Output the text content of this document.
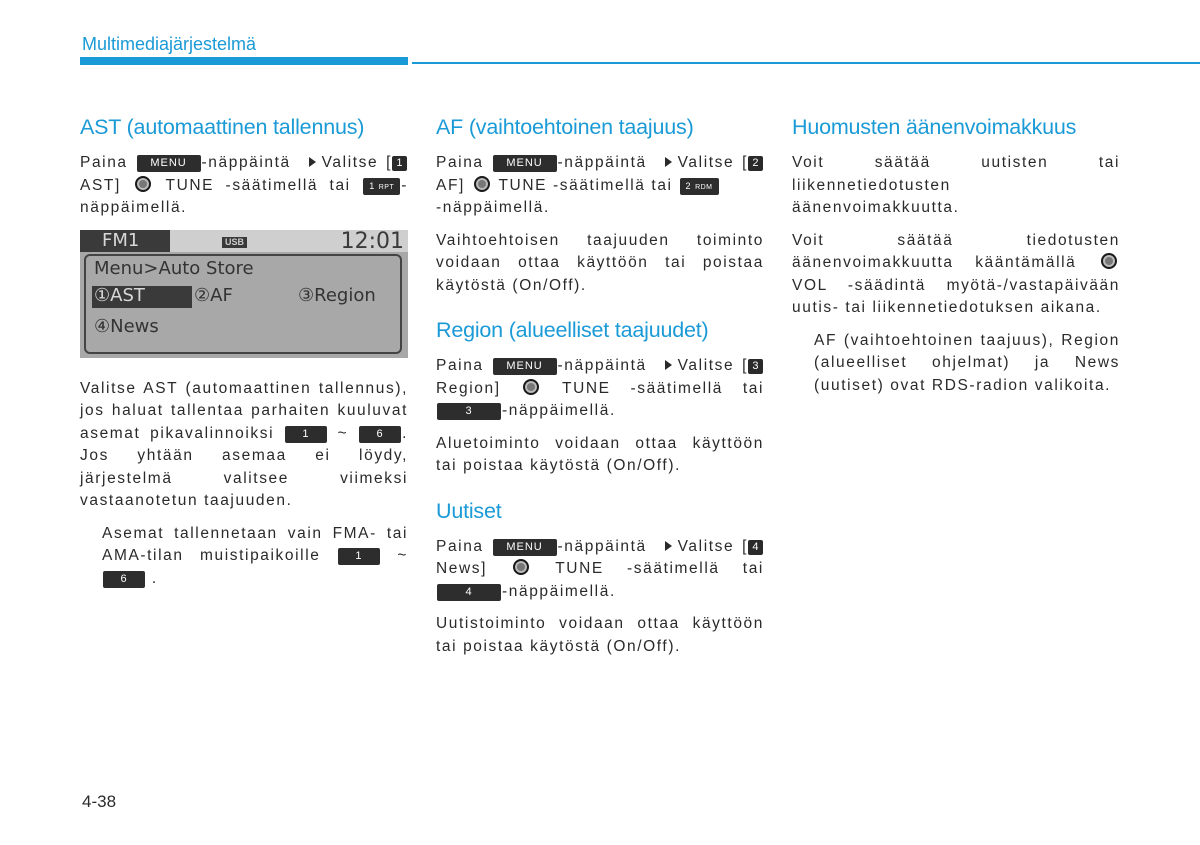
Multimediajärjestelmä
AST (automaattinen tallennus)

Paina MENU -näppäintä Valitse [ 1AST]	TUNE -säätimellä tai 1 RPT -näppäimellä.

FM1	USB	12:01
Menu>Auto Store
①AST	②AF	③Region
④News

Valitse AST (automaattinen tallennus), jos haluat tallentaa parhaiten kuuluvat asemat pikavalinnoiksi	1 ~	6 . Jos yhtään asemaa ei löydy, järjestelmä valitsee viimeksi vastaanotetun taajuuden.

Asemat tallennetaan vain FMA- tai AMA-tilan muistipaikoille	1 ~ 6 .

AF (vaihtoehtoinen taajuus)

Paina MENU -näppäintä Valitse [ 2AF] TUNE -säätimellä tai 2 RDM
-näppäimellä.

Vaihtoehtoisen taajuuden toiminto voidaan ottaa käyttöön tai poistaa käytöstä (On/Off).

Region (alueelliset taajuudet)

Paina MENU -näppäintä Valitse [ 3Region]	TUNE -säätimellä tai 3 -näppäimellä.

Aluetoiminto voidaan ottaa käyttöön tai poistaa käytöstä (On/Off).

Uutiset

Paina MENU -näppäintä Valitse [ 4News]	TUNE -säätimellä tai 4 -näppäimellä.

Uutistoiminto voidaan ottaa käyttöön tai poistaa käytöstä (On/Off).

Huomusten äänenvoimakkuus

Voit säätää uutisten tai liikennetiedotusten äänenvoimakkuutta.

Voit säätää tiedotusten äänenvoimakkuutta kääntämällä  VOL -säädintä myötä-/vastapäivään uutis- tai liikennetiedotuksen aikana.

AF (vaihtoehtoinen taajuus), Region (alueelliset ohjelmat) ja News (uutiset) ovat RDS-radion valikoita.

4-38
